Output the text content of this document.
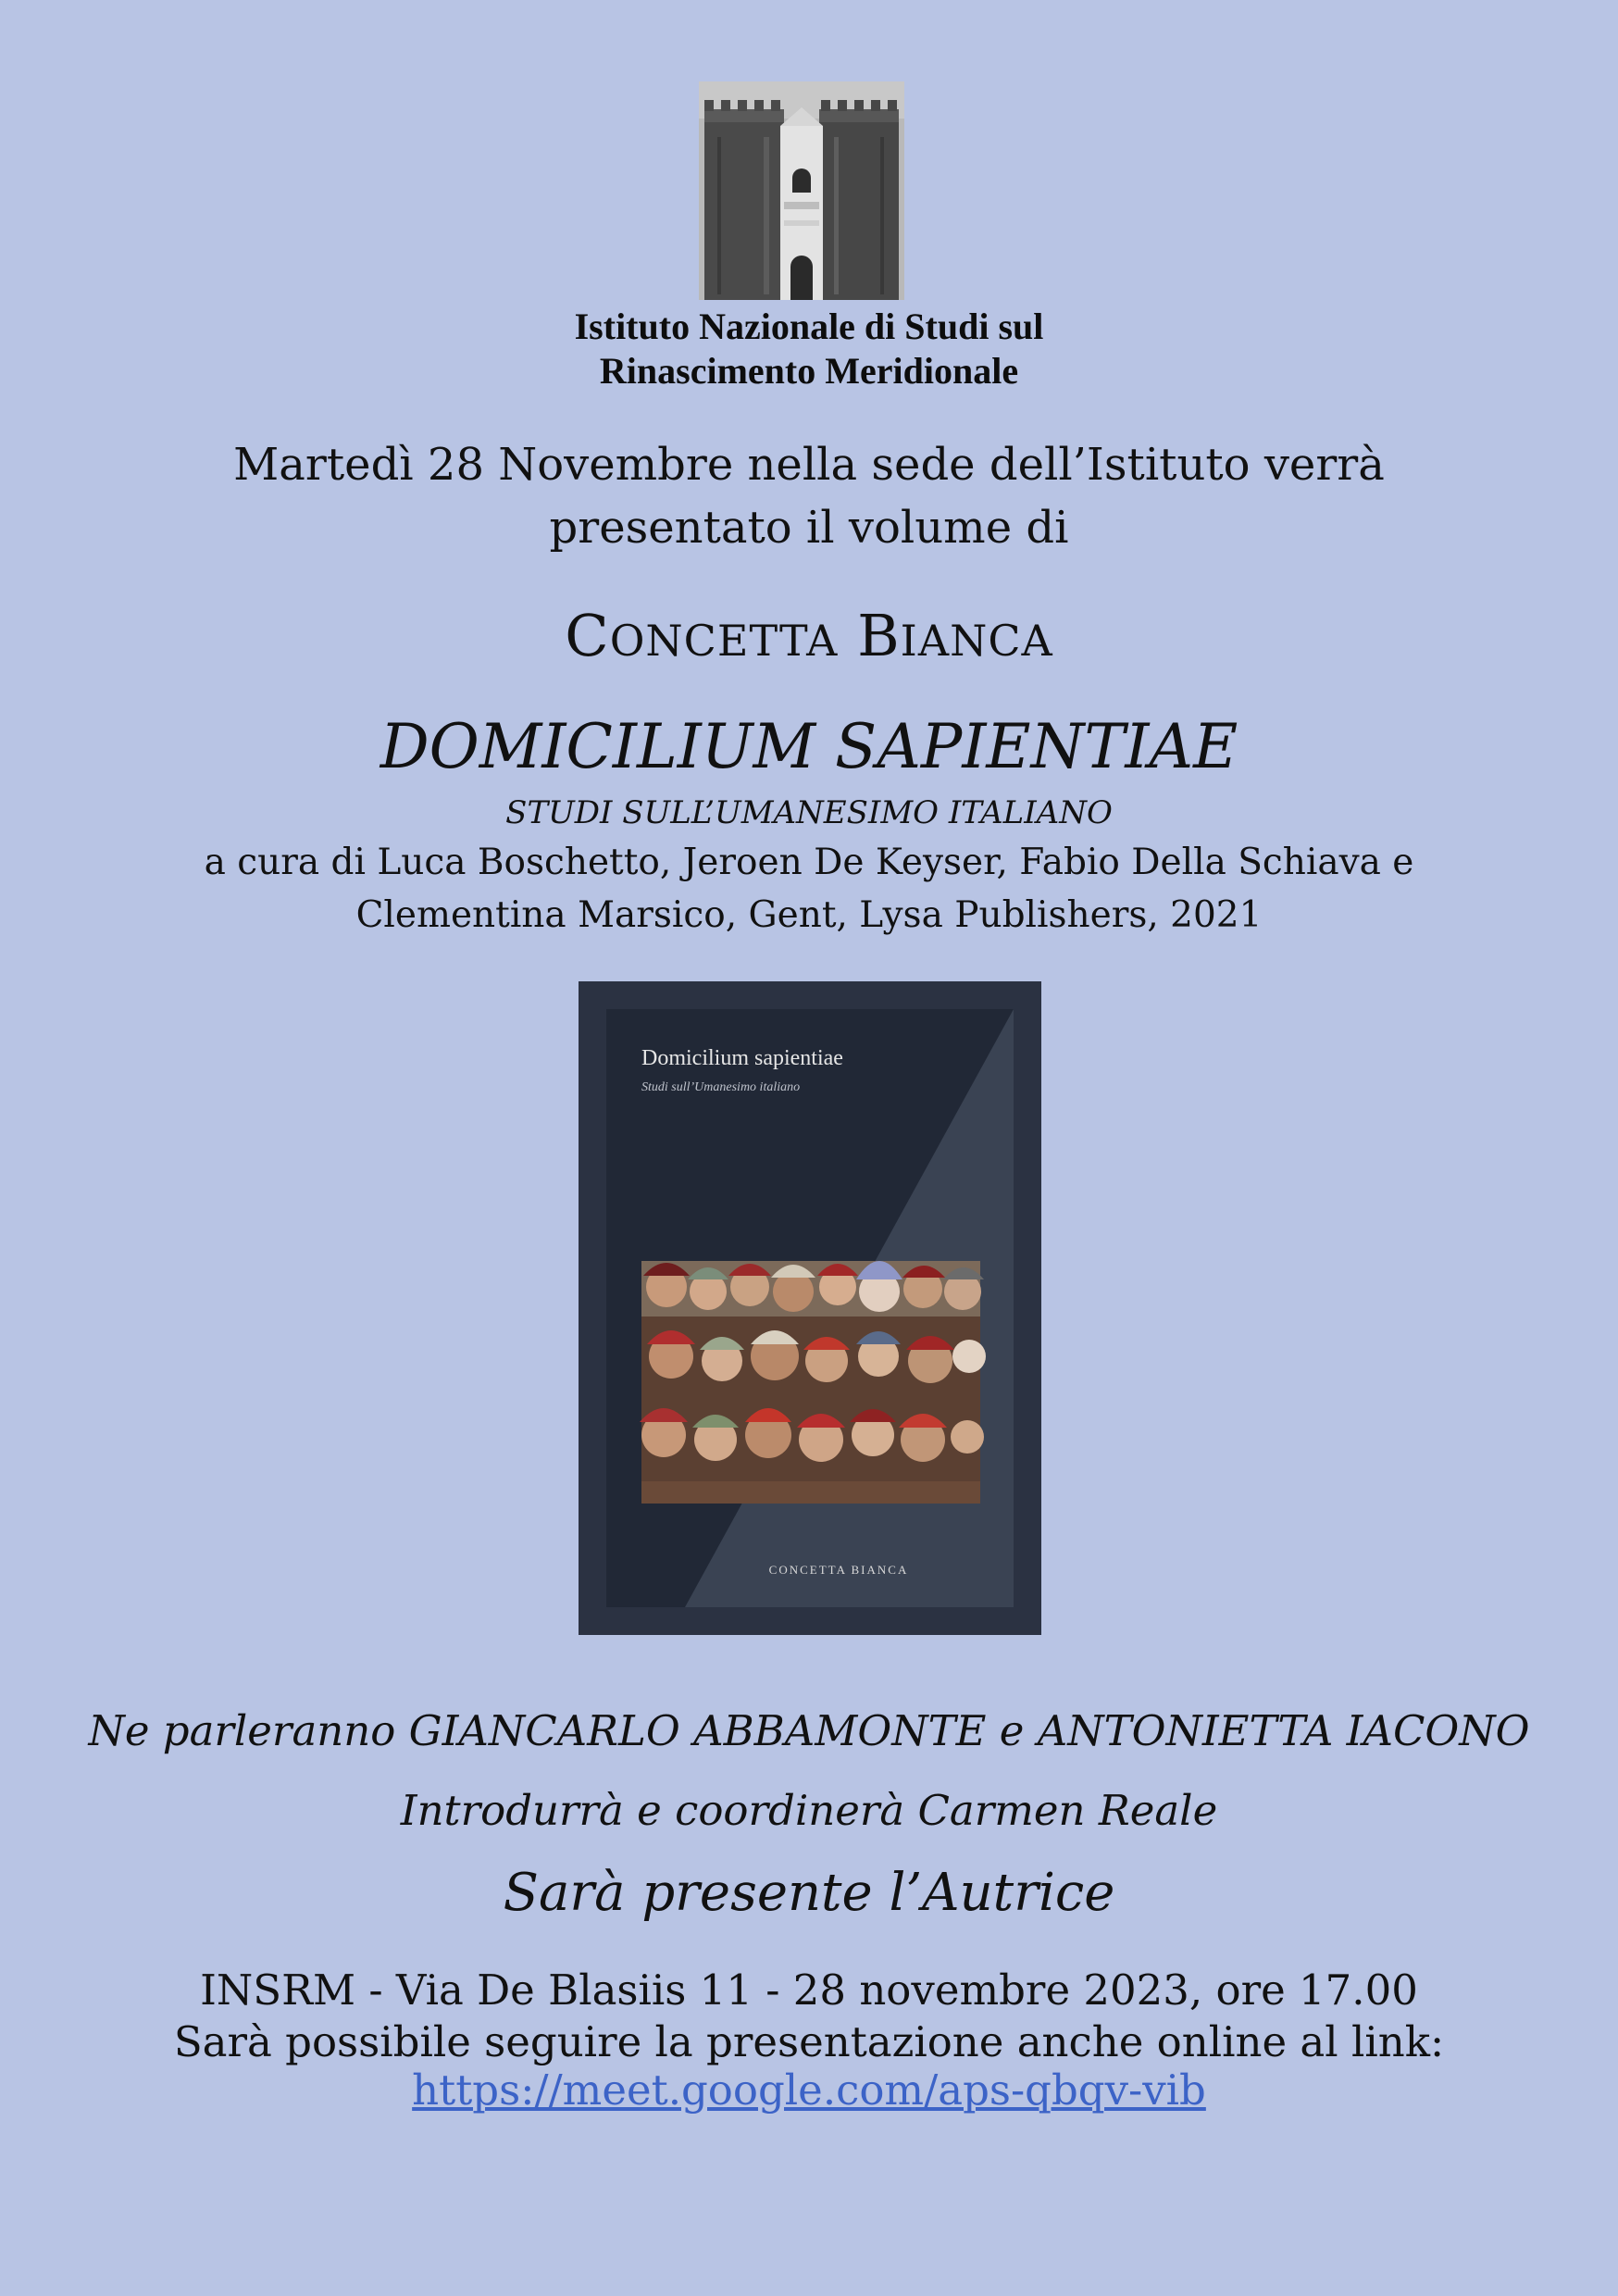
Istituto Nazionale di Studi sul
Rinascimento Meridionale
Martedì 28 Novembre nella sede dell’Istituto verrà
presentato il volume di
CONCETTA BIANCA
DOMICILIUM SAPIENTIAE
STUDI SULL’UMANESIMO ITALIANO
a cura di Luca Boschetto, Jeroen De Keyser, Fabio Della Schiava e
Clementina Marsico, Gent, Lysa Publishers, 2021
Domicilium sapientiae
Studi sull’Umanesimo italiano
CONCETTA BIANCA
Ne parleranno GIANCARLO ABBAMONTE e ANTONIETTA IACONO
Introdurrà e coordinerà Carmen Reale
Sarà presente l’Autrice
INSRM - Via De Blasiis 11 - 28 novembre 2023, ore 17.00
Sarà possibile seguire la presentazione anche online al link:
https://meet.google.com/aps-qbqv-vib
